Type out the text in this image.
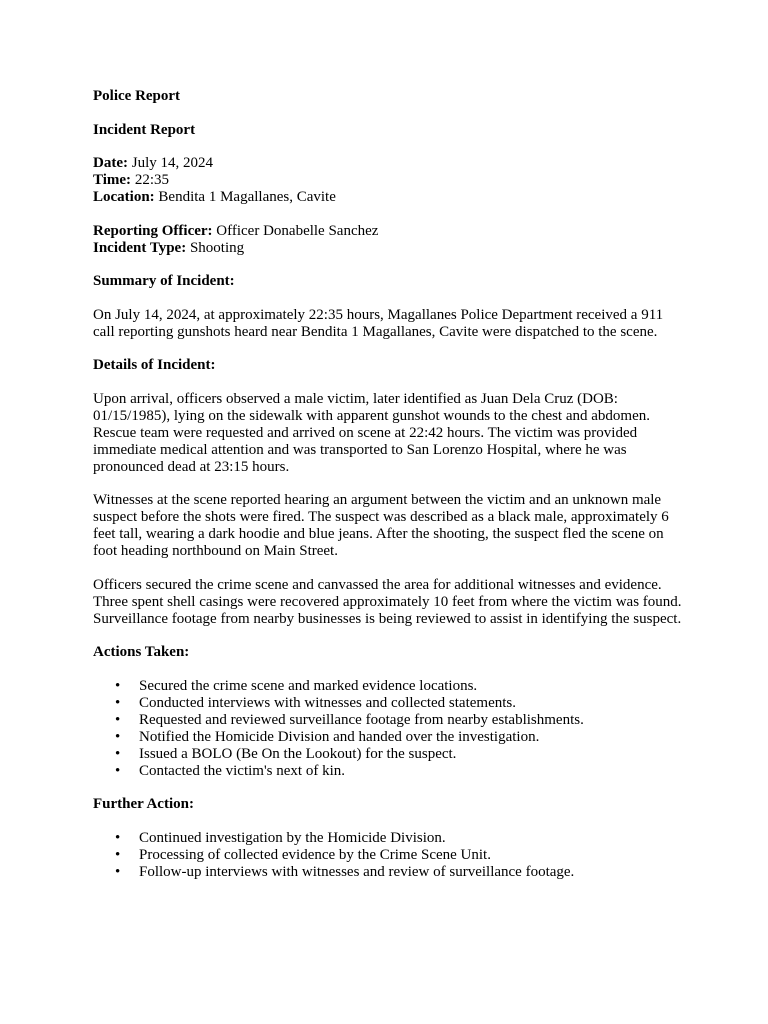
Police Report

Incident Report

Date: July 14, 2024
Time: 22:35
Location: Bendita 1 Magallanes, Cavite

Reporting Officer: Officer Donabelle Sanchez
Incident Type: Shooting

Summary of Incident:

On July 14, 2024, at approximately 22:35 hours, Magallanes Police Department received a 911 call reporting gunshots heard near Bendita 1 Magallanes, Cavite were dispatched to the scene.

Details of Incident:

Upon arrival, officers observed a male victim, later identified as Juan Dela Cruz (DOB: 01/15/1985), lying on the sidewalk with apparent gunshot wounds to the chest and abdomen. Rescue team were requested and arrived on scene at 22:42 hours. The victim was provided immediate medical attention and was transported to San Lorenzo Hospital, where he was pronounced dead at 23:15 hours.

Witnesses at the scene reported hearing an argument between the victim and an unknown male suspect before the shots were fired. The suspect was described as a black male, approximately 6 feet tall, wearing a dark hoodie and blue jeans. After the shooting, the suspect fled the scene on foot heading northbound on Main Street.

Officers secured the crime scene and canvassed the area for additional witnesses and evidence. Three spent shell casings were recovered approximately 10 feet from where the victim was found. Surveillance footage from nearby businesses is being reviewed to assist in identifying the suspect.

Actions Taken:

• Secured the crime scene and marked evidence locations.
• Conducted interviews with witnesses and collected statements.
• Requested and reviewed surveillance footage from nearby establishments.
• Notified the Homicide Division and handed over the investigation.
• Issued a BOLO (Be On the Lookout) for the suspect.
• Contacted the victim's next of kin.

Further Action:

• Continued investigation by the Homicide Division.
• Processing of collected evidence by the Crime Scene Unit.
• Follow-up interviews with witnesses and review of surveillance footage.
